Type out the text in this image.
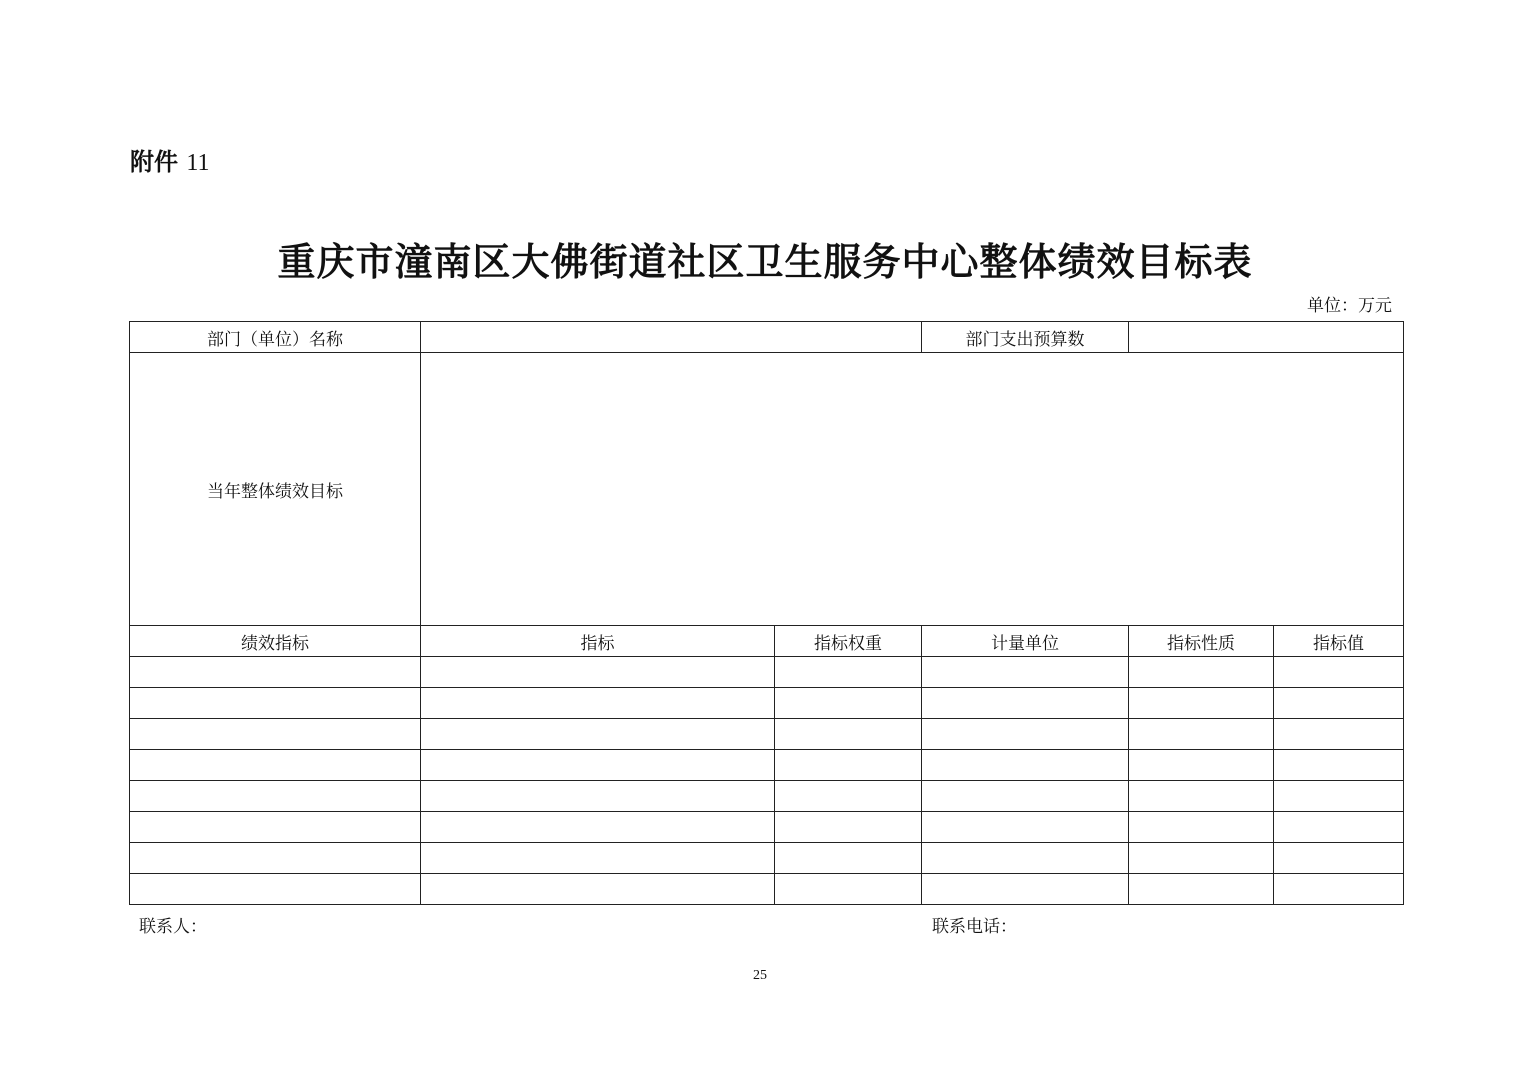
附件 11
重庆市潼南区大佛街道社区卫生服务中心整体绩效目标表
单位：万元
部门（单位）名称			部门支出预算数		
当年整体绩效目标					
绩效指标	指标	指标权重	计量单位	指标性质	指标值

联系人：	联系电话：
25
